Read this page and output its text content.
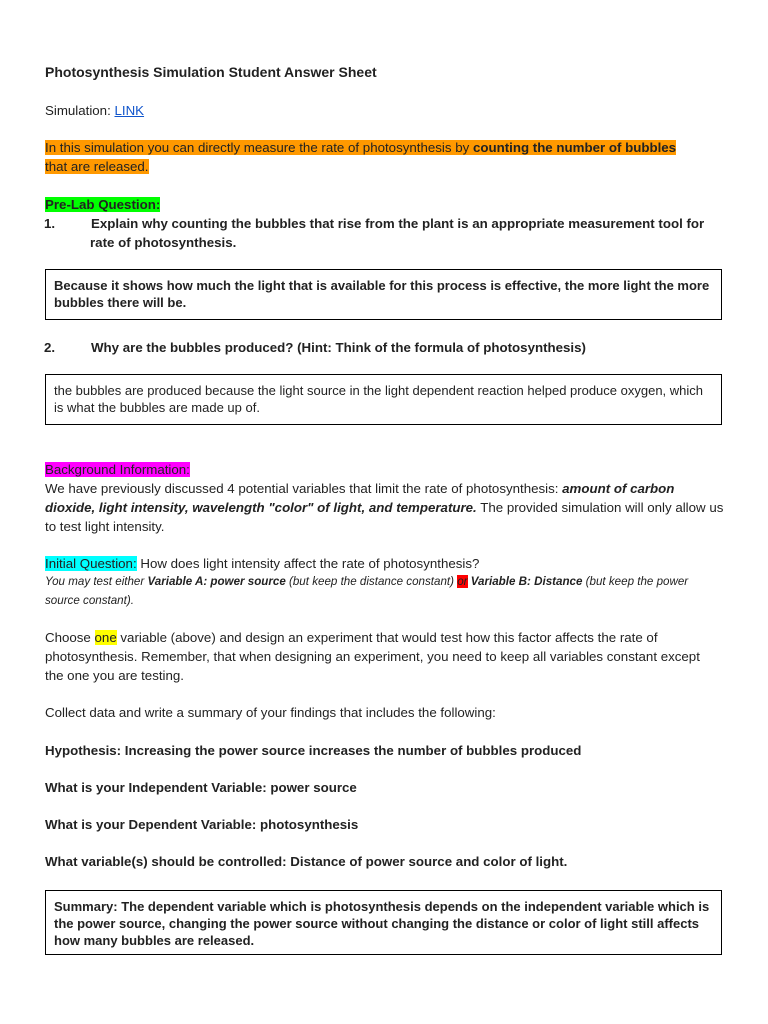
Photosynthesis Simulation Student Answer Sheet
Simulation: LINK
In this simulation you can directly measure the rate of photosynthesis by counting the number of bubbles
that are released.
Pre-Lab Question:
1.	Explain why counting the bubbles that rise from the plant is an appropriate measurement tool for rate of photosynthesis.
Because it shows how much the light that is available for this process is effective, the more light the more bubbles there will be.
2.	Why are the bubbles produced? (Hint: Think of the formula of photosynthesis)
the bubbles are produced because the light source in the light dependent reaction helped produce oxygen, which is what the bubbles are made up of.
Background Information:
We have previously discussed 4 potential variables that limit the rate of photosynthesis: amount of carbon dioxide, light intensity, wavelength "color" of light, and temperature. The provided simulation will only allow us to test light intensity.
Initial Question: How does light intensity affect the rate of photosynthesis?
You may test either Variable A: power source (but keep the distance constant) or Variable B: Distance (but keep the power source constant).
Choose one variable (above) and design an experiment that would test how this factor affects the rate of photosynthesis. Remember, that when designing an experiment, you need to keep all variables constant except the one you are testing.
Collect data and write a summary of your findings that includes the following:
Hypothesis: Increasing the power source increases the number of bubbles produced
What is your Independent Variable: power source
What is your Dependent Variable: photosynthesis
What variable(s) should be controlled: Distance of power source and color of light.
Summary: The dependent variable which is photosynthesis depends on the independent variable which is the power source, changing the power source without changing the distance or color of light still affects how many bubbles are released.
